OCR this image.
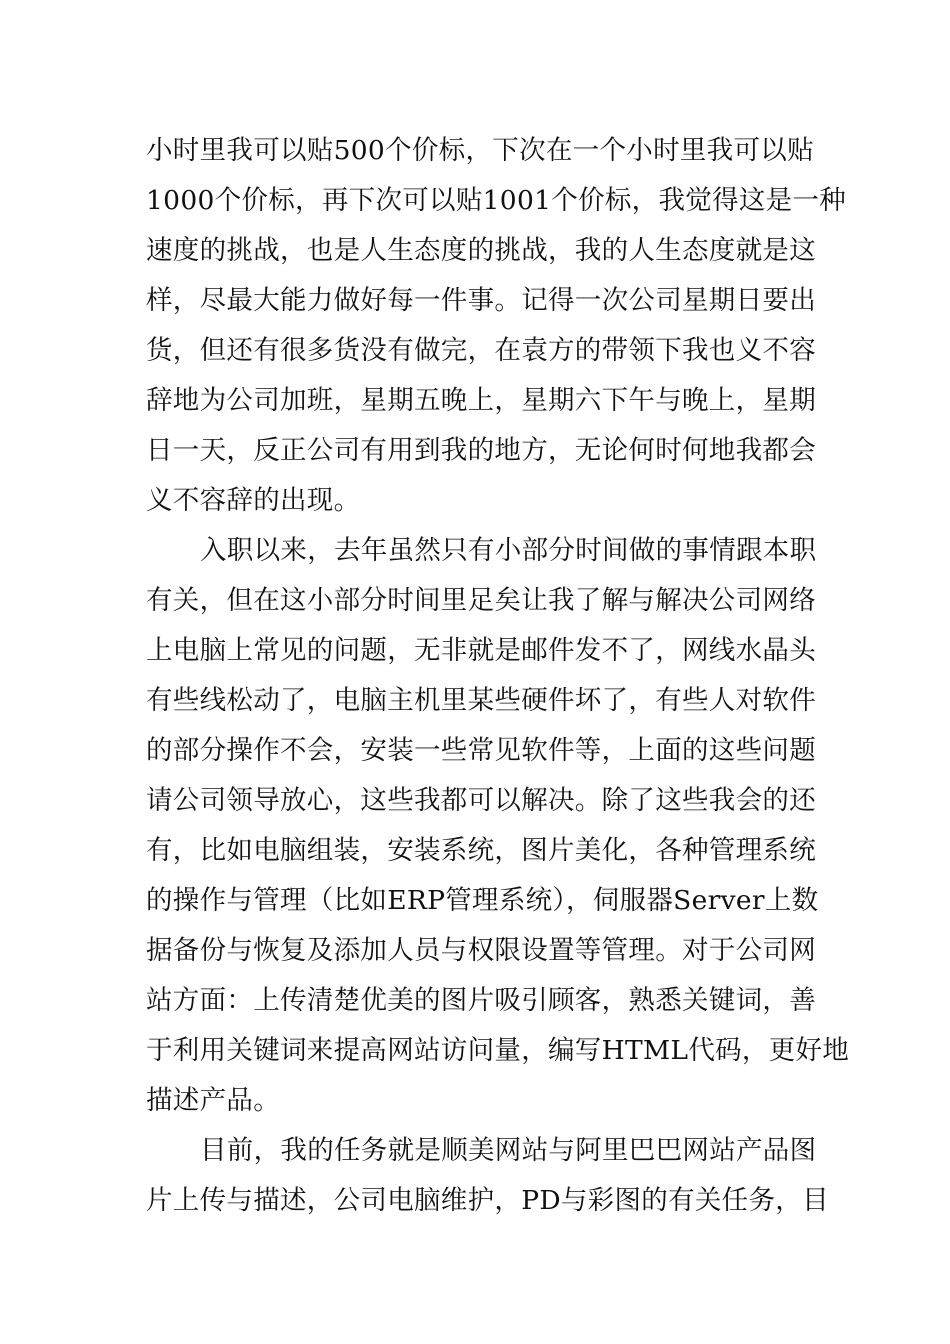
小时里我可以贴500个价标，下次在一个小时里我可以贴
1000个价标，再下次可以贴1001个价标，我觉得这是一种
速度的挑战，也是人生态度的挑战，我的人生态度就是这
样，尽最大能力做好每一件事。记得一次公司星期日要出
货，但还有很多货没有做完，在袁方的带领下我也义不容
辞地为公司加班，星期五晚上，星期六下午与晚上，星期
日一天，反正公司有用到我的地方，无论何时何地我都会
义不容辞的出现。
入职以来，去年虽然只有小部分时间做的事情跟本职
有关，但在这小部分时间里足矣让我了解与解决公司网络
上电脑上常见的问题，无非就是邮件发不了，网线水晶头
有些线松动了，电脑主机里某些硬件坏了，有些人对软件
的部分操作不会，安装一些常见软件等，上面的这些问题
请公司领导放心，这些我都可以解决。除了这些我会的还
有，比如电脑组装，安装系统，图片美化，各种管理系统
的操作与管理（比如ERP管理系统），伺服器Server上数
据备份与恢复及添加人员与权限设置等管理。对于公司网
站方面：上传清楚优美的图片吸引顾客，熟悉关键词，善
于利用关键词来提高网站访问量，编写HTML代码，更好地
描述产品。
目前，我的任务就是顺美网站与阿里巴巴网站产品图
片上传与描述，公司电脑维护，PD与彩图的有关任务，目
